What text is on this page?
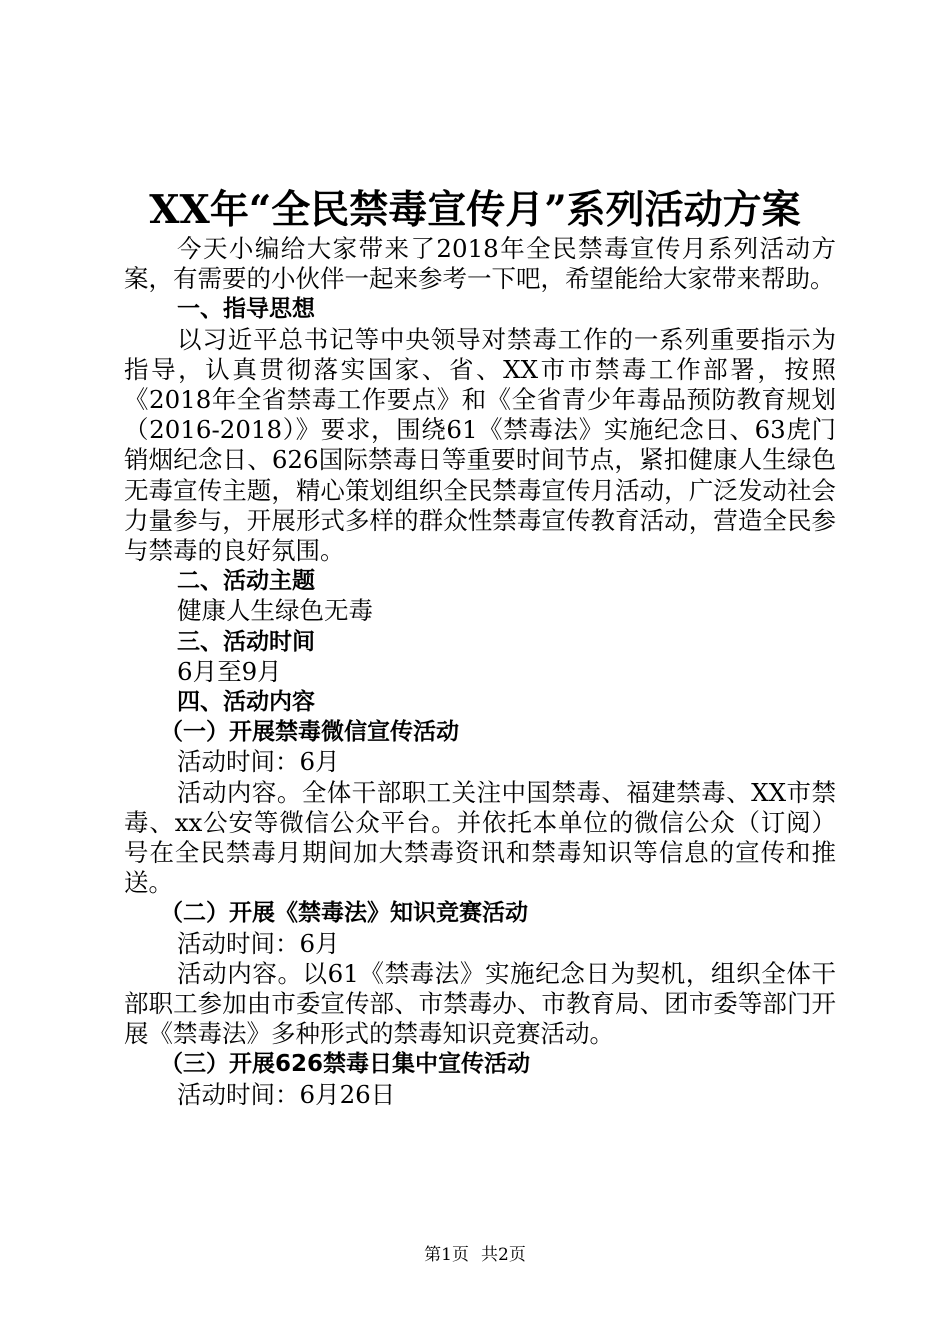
XX年“全民禁毒宣传月”系列活动方案

今天小编给大家带来了2018年全民禁毒宣传月系列活动方案，有需要的小伙伴一起来参考一下吧，希望能给大家带来帮助。

一、指导思想

以习近平总书记等中央领导对禁毒工作的一系列重要指示为指导，认真贯彻落实国家、省、XX市市禁毒工作部署，按照《2018年全省禁毒工作要点》和《全省青少年毒品预防教育规划（2016-2018）》要求，围绕61《禁毒法》实施纪念日、63虎门销烟纪念日、626国际禁毒日等重要时间节点，紧扣健康人生绿色无毒宣传主题，精心策划组织全民禁毒宣传月活动，广泛发动社会力量参与，开展形式多样的群众性禁毒宣传教育活动，营造全民参与禁毒的良好氛围。

二、活动主题

健康人生绿色无毒

三、活动时间

6月至9月

四、活动内容

（一）开展禁毒微信宣传活动

活动时间：6月

活动内容。全体干部职工关注中国禁毒、福建禁毒、XX市禁毒、xx公安等微信公众平台。并依托本单位的微信公众（订阅）号在全民禁毒月期间加大禁毒资讯和禁毒知识等信息的宣传和推送。

（二）开展《禁毒法》知识竞赛活动

活动时间：6月

活动内容。以61《禁毒法》实施纪念日为契机，组织全体干部职工参加由市委宣传部、市禁毒办、市教育局、团市委等部门开展《禁毒法》多种形式的禁毒知识竞赛活动。

（三）开展626禁毒日集中宣传活动

活动时间：6月26日

第1页 共2页
